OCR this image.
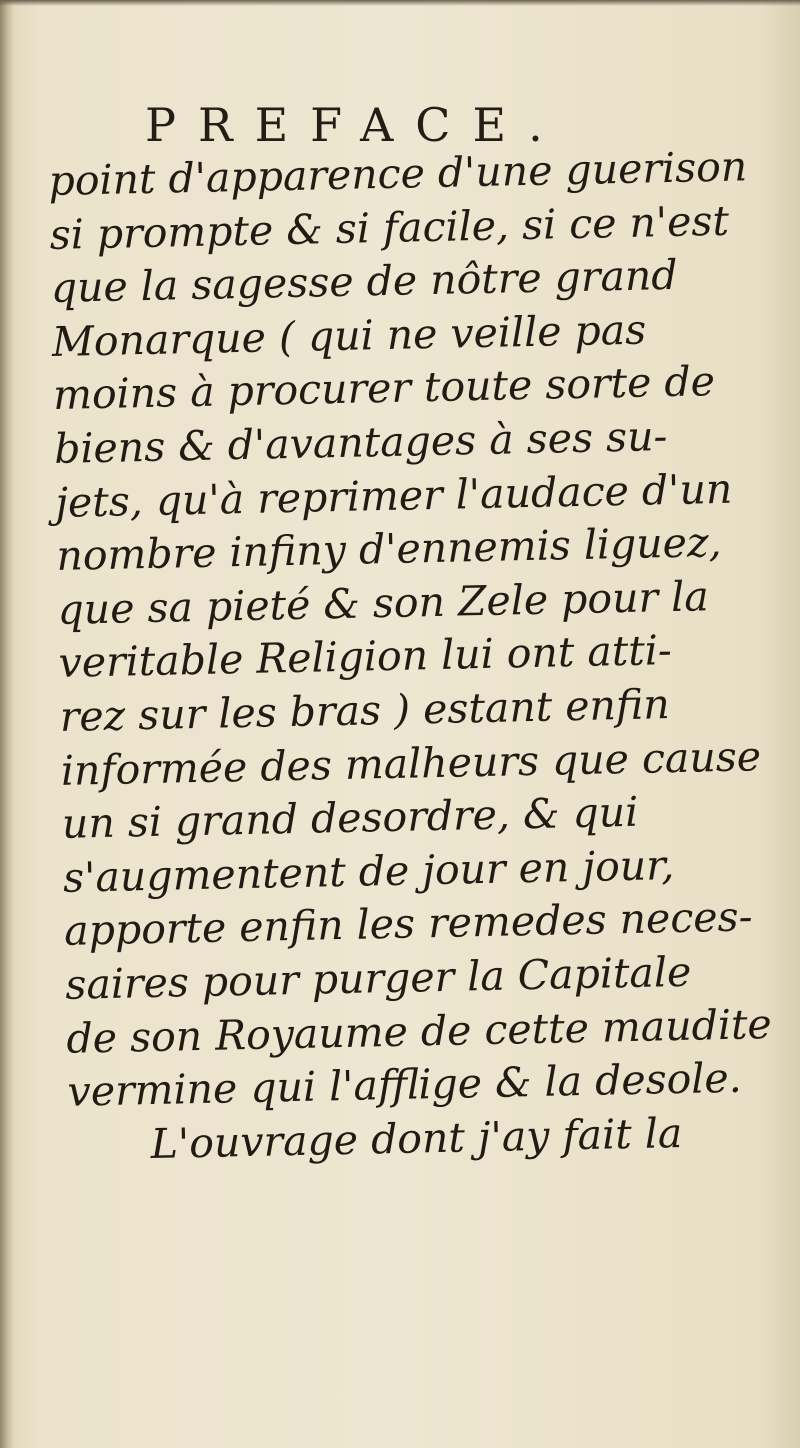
PREFACE.
point d'apparence d'une guerison
si prompte & si facile, si ce n'est
que la sagesse de nôtre grand
Monarque ( qui ne veille pas
moins à procurer toute sorte de
biens & d'avantages à ses su-
jets, qu'à reprimer l'audace d'un
nombre infiny d'ennemis liguez,
que sa pieté & son Zele pour la
veritable Religion lui ont atti-
rez sur les bras ) estant enfin
informée des malheurs que cause
un si grand desordre, & qui
s'augmentent de jour en jour,
apporte enfin les remedes neces-
saires pour purger la Capitale
de son Royaume de cette maudite
vermine qui l'afflige & la desole.
L'ouvrage dont j'ay fait la
